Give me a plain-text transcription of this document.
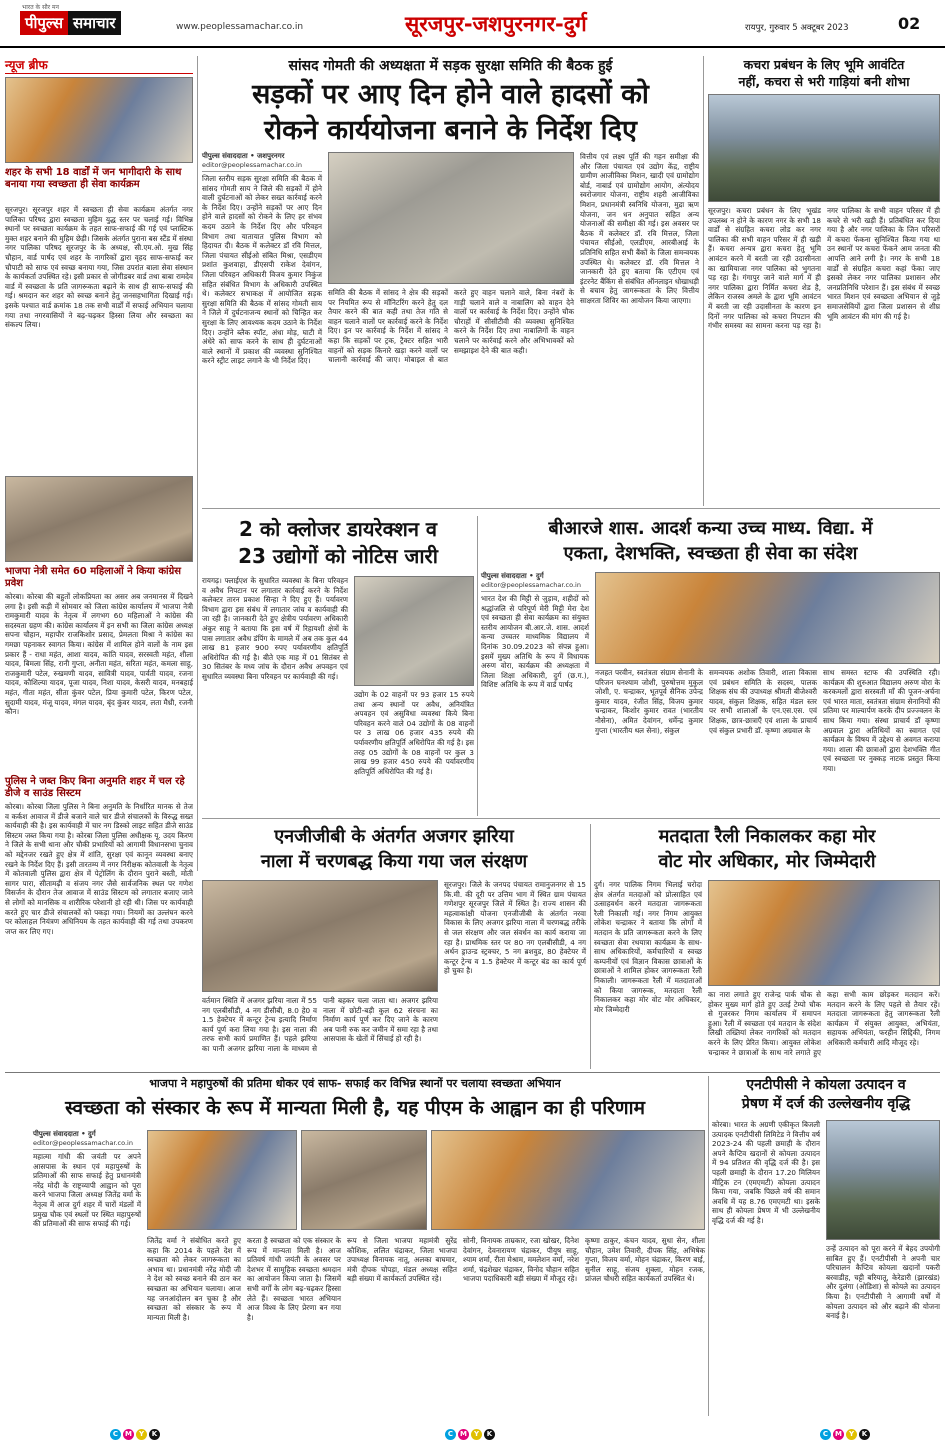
भारत के सौर मन
पीपुल्स समाचार	www.peoplessamachar.co.in	सूरजपुर-जशपुरनगर-दुर्ग	रायपुर, गुरुवार 5 अक्टूबर 2023	02
न्यूज ब्रीफ
शहर के सभी 18 वार्डों में जन भागीदारी के साथ बनाया गया स्वच्छता ही सेवा कार्यक्रम
सूरजपुर। सूरजपुर शहर में स्वच्छता ही सेवा कार्यक्रम अंतर्गत नगर पालिका परिषद द्वारा स्वच्छता मुहिम युद्ध स्तर पर चलाई गई। विभिन्न स्थानों पर स्वच्छता कार्यक्रम के तहत साफ-सफाई की गई एवं प्लास्टिक मुक्त शहर बनाने की मुहिम छेड़ी। जिसके अंतर्गत पुराना बस स्टैंड में संस्था नगर पालिका परिषद सूरजपुर के के अध्यक्ष, सी.एम.ओ. मुख सिंह चौहान, वार्ड पार्षद एवं शहर के नागरिकों द्वारा वृहद साफ-सफाई कर चौपाटी को साफ एवं स्वच्छ बनाया गया, जिस उपरांत बाला सेवा संस्थान के कार्यकर्ता उपस्थित रहे। इसी प्रकार से जोगीडबर वार्ड तथा बाबा रामदेव वार्ड में स्वच्छता के प्रति जागरूकता बढ़ाने के साथ ही साफ-सफाई की गई। श्रमदान कर शहर को स्वच्छ बनाने हेतु जनसहभागिता दिखाई गई। इसके पश्चात वार्ड क्रमांक 18 तक सभी वार्डों में सफाई अभियान चलाया गया तथा नगरवासियों ने बढ़-चढ़कर हिस्सा लिया और स्वच्छता का संकल्प लिया।
भाजपा नेत्री समेत 60 महिलाओं ने किया कांग्रेस प्रवेश
कोरबा। कोरबा की बहुतों लोकप्रियता का असर अब जनमानस में दिखने लगा है। इसी कड़ी में सोमवार को जिला कांग्रेस कार्यालय में भाजपा नेत्री रामकुमारी यादव के नेतृत्व में लगभग 60 महिलाओं ने कांग्रेस की सदस्यता ग्रहण की। कांग्रेस कार्यालय में इन सभी का जिला कांग्रेस अध्यक्ष सपना चौहान, महापौर राजकिशोर प्रसाद, प्रेमलता मिश्रा ने कांग्रेस का गमछा पहनाकर स्वागत किया। कांग्रेस में शामिल होने वालों के नाम इस प्रकार हैं - राधा महंत, आशा यादव, कांति यादव, सरस्वती महंत, शीला यादव, बिमला सिंह, रानी गुप्ता, अनीता महंत, सरिता महंत, कमला साहू, राजकुमारी पटेल, रुखमणी यादव, सावित्री यादव, पार्वती यादव, रजना यादव, कौशिल्या यादव, पूजा यादव, निशा यादव, केसरी यादव, मनबहाई महंत, गीता महंत, सीता कुंवर पटेल, प्रिया कुमारी पटेल, किरण पटेल, सुदामी यादव, मंजू यादव, मंगल यादव, बृंद कुंवर यादव, लता मैथ्री, रजनी कौन।
पुलिस ने जब्त किए बिना अनुमति शहर में चल रहे डीजे व साउंड सिस्टम
कोरबा। कोरबा जिला पुलिस ने बिना अनुमति के निर्धारित मानक से तेज व कर्कश आवाज में डीजे बजाने वाले चार डीजे संचालकों के विरुद्ध सख्त कार्यवाही की है। इस कार्यवाही में चार नग डिस्को लाइट सहित डीजे साउंड सिस्टम जब्त किया गया है। कोरबा जिला पुलिस अधीक्षक यू. उदय किरण ने जिले के सभी थाना और चौकी प्रभारियों को आगामी विधानसभा चुनाव को मद्देनजर रखते हुए क्षेत्र में शांति, सुरक्षा एवं कानून व्यवस्था बनाए रखने के निर्देश दिए हैं। इसी तारतम्य में नगर निरीक्षक कोतवाली के नेतृत्व में कोतवाली पुलिस द्वारा क्षेत्र में पेट्रोलिंग के दौरान पुराने बस्ती, मोती सागर पारा, सीतामढ़ी व संजय नगर जैसे सार्वजनिक स्थल पर गणेश विसर्जन के दौरान तेज आवाज में साउंड सिस्टम को लगातार बजाए जाने से लोगों को मानसिक व शारीरिक परेशानी हो रही थी। जिस पर कार्यवाही करते हुए चार डीजे संचालकों को पकड़ा गया। नियमों का उल्लंघन करने पर कोलाहल नियंत्रण अधिनियम के तहत कार्यवाही की गई तथा उपकरण जप्त कर लिए गए।
सांसद गोमती की अध्यक्षता में सड़क सुरक्षा समिति की बैठक हुई
सड़कों पर आए दिन होने वाले हादसों को
रोकने कार्ययोजना बनाने के निर्देश दिए
पीपुल्स संवाददाता • जशपुरनगर
editor@peoplessamachar.co.in
जिला स्तरीय सड़क सुरक्षा समिति की बैठक में सांसद गोमती साय ने जिले की सड़कों में होने वाली दुर्घटनाओं को लेकर सख्त कार्रवाई करने के निर्देश दिए। उन्होंने सड़कों पर आए दिन होने वाले हादसों को रोकने के लिए हर संभव कदम उठाने के निर्देश दिए और परिवहन विभाग तथा यातायात पुलिस विभाग को हिदायत दी। बैठक में कलेक्टर डॉ रवि मित्तल, जिला पंचायत सीईओ संबित मिश्रा, एसडीएम प्रशांत कुशवाहा, डीएसपी राकेश देवांगन, जिला परिवहन अधिकारी विजय कुमार निकुंज सहित संबंधित विभाग के अधिकारी उपस्थित थे। कलेक्टर सभाकक्ष में आयोजित सड़क सुरक्षा समिति की बैठक में सांसद गोमती साय ने जिले में दुर्घटनाजन्य स्थानों को चिन्हित कर सुरक्षा के लिए आवश्यक कदम उठाने के निर्देश दिए। उन्होंने ब्लैक स्पॉट, अंधा मोड़, घाटी में अंधेरे को साफ करने के साथ ही दुर्घटनाओं वाले स्थानों में प्रकाश की व्यवस्था सुनिश्चित करने स्ट्रीट लाइट लगाने के भी निर्देश दिए।
समिति की बैठक में सांसद ने क्षेत्र की सड़कों पर नियमित रूप से मॉनिटरिंग करने हेतु दल तैयार करने की बात कही तथा तेज गति से वाहन चलाने वालों पर कार्रवाई करने के निर्देश दिए। इन पर कार्रवाई के निर्देश में सांसद ने कहा कि सड़कों पर ट्रक, ट्रैक्टर सहित भारी वाहनों को सड़क किनारे खड़ा करने वालों पर चालानी कार्रवाई की जाए। मोबाइल से बात करते हुए वाहन चलाने वाले, बिना नंबरों के गाड़ी चलाने वाले व नाबालिग को वाहन देने वालों पर कार्रवाई के निर्देश दिए। उन्होंने चौक चौराहों में सीसीटीवी की व्यवस्था सुनिश्चित करने के निर्देश दिए तथा नाबालिगों के वाहन चलाने पर कार्रवाई करने और अभिभावकों को समझाइश देने की बात कही।
वित्तीय एवं लक्ष्य पूर्ति की गहन समीक्षा की और जिला पंचायत एवं उद्योग केंद्र, राष्ट्रीय ग्रामीण आजीविका मिशन, खादी एवं ग्रामोद्योग बोर्ड, नाबार्ड एवं ग्रामोद्योग आयोग, अंत्योदय स्वरोजगार योजना, राष्ट्रीय शहरी आजीविका मिशन, प्रधानमंत्री स्वनिधि योजना, मुद्रा ऋण योजना, जन धन अनुपात सहित अन्य योजनाओं की समीक्षा की गई। इस अवसर पर बैठक में कलेक्टर डॉ. रवि मित्तल, जिला पंचायत सीईओ, एलडीएम, आरबीआई के प्रतिनिधि सहित सभी बैंकों के जिला समन्वयक उपस्थित थे। कलेक्टर डॉ. रवि मित्तल ने जानकारी देते हुए बताया कि एटीएम एवं इंटरनेट बैंकिंग से संबंधित ऑनलाइन धोखाधड़ी से बचाव हेतु जागरूकता के लिए वित्तीय साक्षरता शिविर का आयोजन किया जाएगा।
कचरा प्रबंधन के लिए भूमि आवंटित
नहीं, कचरा से भरी गाड़ियां बनी शोभा
सूरजपुर। कचरा प्रबंधन के लिए भूखंड उपलब्ध न होने के कारण नगर के सभी 18 वार्डों से संग्रहित कचरा लोड कर नगर पालिका की सभी वाहन परिसर में ही खड़ी हैं। कचरा अन्यत्र द्वारा कचरा हेतु भूमि आवंटन करने में बरती जा रही उदासीनता का खामियाजा नगर पालिका को भुगतना पड़ रहा है। गंगापुर जाने वाले मार्ग में ही नगर पालिका द्वारा निर्मित कचरा शेड है, लेकिन राजस्व अमले के द्वारा भूमि आवंटन में बरती जा रही उदासीनता के कारण इन दिनों नगर पालिका को कचरा निपटान की गंभीर समस्या का सामना करना पड़ रहा है। नगर पालिका के सभी वाहन परिसर में ही कचरे से भरी खड़ी हैं। प्रतिबंधित कर दिया गया है और नगर पालिका के जिन परिसरों में कचरा फेंकना सुनिश्चित किया गया था उन स्थानों पर कचरा फेंकने आम जनता की आपत्ति आने लगी है। नगर के सभी 18 वार्डों से संग्रहित कचरा कहां फेंका जाए इसको लेकर नगर पालिका प्रशासन और जनप्रतिनिधि परेशान हैं। इस संबंध में स्वच्छ भारत मिशन एवं स्वच्छता अभियान से जुड़े समाजसेवियों द्वारा जिला प्रशासन से शीघ्र भूमि आवंटन की मांग की गई है।
2 को क्लोजर डायरेक्शन व
23 उद्योगों को नोटिस जारी
रायगढ़। फ्लाईएश के सुधारित व्यवस्था के बिना परिवहन व अवैध निपटान पर लगातार कार्रवाई करने के निर्देश कलेक्टर तारन प्रकाश सिन्हा ने दिए हुए हैं। पर्यावरण विभाग द्वारा इस संबंध में लगातार जांच व कार्यवाही की जा रही है। जानकारी देते हुए क्षेत्रीय पर्यावरण अधिकारी अंकुर साहू ने बताया कि इस वर्ष में रिहायशी क्षेत्रों के पास लगातार अवैध डंपिंग के मामले में अब तक कुल 44 लाख 81 हजार 900 रुपए पर्यावरणीय क्षतिपूर्ति अधिरोपित की गई है। बीते एक माह में 01 सितंबर से 30 सितंबर के मध्य जांच के दौरान अवैध अपवहन एवं सुधारित व्यवस्था बिना परिवहन पर कार्यवाही की गई।
उद्योग के 02 वाहनों पर 93 हजार 15 रुपये तथा अन्य स्थानों पर अवैध, अनियंत्रित अपवहन एवं असुविधा व्यवस्था किये बिना परिवहन करने वाले 04 उद्योगों के 08 वाहनों पर 3 लाख 06 हजार 435 रुपये की पर्यावरणीय क्षतिपूर्ति अधिरोपित की गई है। इस तरह 05 उद्योगों के 08 वाहनों पर कुल 3 लाख 99 हजार 450 रुपये की पर्यावरणीय क्षतिपूर्ति अधिरोपित की गई है।
बीआरजे शास. आदर्श कन्या उच्च माध्य. विद्या. में
एकता, देशभक्ति, स्वच्छता ही सेवा का संदेश
पीपुल्स संवाददाता • दुर्ग
editor@peoplessamachar.co.in
भारत देश की मिट्टी से जुड़ाव, शहीदों को श्रद्धांजलि से परिपूर्ण मेरी मिट्टी मेरा देश एवं स्वच्छता ही सेवा कार्यक्रम का संयुक्त स्तरीय आयोजन बी.आर.जे. शास. आदर्श कन्या उच्चतर माध्यमिक विद्यालय में दिनांक 30.09.2023 को संपन्न हुआ। इसमें मुख्य अतिथि के रूप में विधायक अरुण वोरा, कार्यक्रम की अध्यक्षता में जिला शिक्षा अधिकारी, दुर्ग (छ.ग.), विशिष्ट अतिथि के रूप में वार्ड पार्षद
नजहत परवीन, स्वतंत्रता संग्राम सेनानी के परिजन घनश्याम जोशी, पुरुषोत्तम मुकुल जोशी, ए. चन्द्राकर, भूतपूर्व सैनिक उपेन्द्र कुमार यादव, रंजीत सिंह, विजय कुमार चन्द्राकर, किशोर कुमार रावत (भारतीय नौसेना), अमित देवांगन, धर्मेन्द्र कुमार गुप्ता (भारतीय थल सेना), संकुल
समन्वयक अशोक तिवारी, शाला विकास एवं प्रबंधन समिति के सदस्य, पालक शिक्षक संघ की उपाध्यक्ष श्रीमती बीजेश्वरी यादव, संकुल शिक्षक, सहित मंडल स्तर पर सभी शालाओं के एन.एस.एस. एवं शिक्षक, छात्र-छात्राएँ एवं शाला के प्राचार्य एवं संकुल प्रभारी डॉ. कृष्णा अग्रवाल के
साथ समस्त स्टाफ की उपस्थिति रही। कार्यक्रम की शुरुआत विद्यालय अरुण वोरा के करकमलों द्वारा सरस्वती माँ की पूजन-अर्चना एवं भारत माता, स्वतंत्रता संग्राम सेनानियों की प्रतिमा पर माल्यार्पण करके दीप प्रज्ज्वलन के साथ किया गया। संस्था प्राचार्य डॉ कृष्णा अग्रवाल द्वारा अतिथियों का स्वागत एवं कार्यक्रम के विषय में उद्देश्य से अवगत कराया गया। शाला की छात्राओं द्वारा देशभक्ति गीत एवं स्वच्छता पर नुक्कड़ नाटक प्रस्तुत किया गया।
एनजीजीबी के अंतर्गत अजगर झरिया
नाला में चरणबद्ध किया गया जल संरक्षण
सूरजपुर। जिले के जनपद पंचायत रामानुजनगर से 15 कि.मी. की दूरी पर उत्तिम भाग में स्थित ग्राम पंचायत गणेशपुर सूरजपुर जिले में स्थित है। राज्य शासन की महत्वाकांक्षी योजना एनजीजीबी के अंतर्गत नरवा विकास के लिए अजगर झरिया नाला में चरणबद्ध तरीके से जल संरक्षण और जल संवर्धन का कार्य कराया जा रहा है। प्राथमिक स्तर पर 80 नग एलबीसीडी, 4 नग अर्थन ड्राउन्ड स्ट्रक्चर, 5 नग ब्रशवुड, 80 हेक्टेयर में कन्टूर ट्रेन्च व 1.5 हेक्टेयर में कन्टूर बंड का कार्य पूर्ण हो चुका है।
वर्तमान स्थिति में अजगर झरिया नाला में 55 नग एलबीसीडी, 4 नग डीसीबी, 8.0 हे0 व 1.5 हेक्टेयर में कन्टूर ट्रेन्च इत्यादि निर्माण कार्य पूर्ण करा लिया गया है। इस नाला की तरफ सभी कार्य प्रमाणित हैं। पहले झरिया का पानी अजगर झरिया नाला के माध्यम से पानी बहकर चला जाता था। अजगर झरिया नाला में छोटी-बड़ी कुल 62 संरचना का निर्माण कार्य पूर्ण कर दिए जाने के कारण अब पानी रुक कर जमीन में समा रहा है तथा आसपास के खेतों में सिंचाई हो रही है।
मतदाता रैली निकालकर कहा मोर
वोट मोर अधिकार, मोर जिम्मेदारी
दुर्ग। नगर पालिक निगम भिलाई चरोदा क्षेत्र अंतर्गत मतदाओं को प्रोत्साहित एवं उत्साहवर्धन करने मतदाता जागरूकता रैली निकाली गई। नगर निगम आयुक्त लोकेश चन्द्राकर ने बताया कि लोगों में मतदान के प्रति जागरूकता करने के लिए स्वच्छता सेवा रथयात्रा कार्यक्रम के साथ-साथ अधिकारियों, कर्मचारियों व स्वच्छ कम्पनीयों एवं विज्ञान विकास छात्राओं के छात्राओं ने शामिल होकर जागरूकता रैली निकाली। जागरूकता रैली में मतदाताओं को किया जागरूक, मतदाता रैली निकालकर कहा मोर वोट मोर अधिकार, मोर जिम्मेदारी
का नारा लगाते हुए राजेन्द्र पार्क चौक से होकर मुख्य मार्ग होते हुए उतई टेम्पो चौक से गुजरकर निगम कार्यालय में समापन हुआ। रैली में स्वच्छता एवं मतदान के संदेश लिखी तख्तियां लेकर नागरिकों को मतदान करने के लिए प्रेरित किया। आयुक्त लोकेश चन्द्राकर ने छात्राओं के साथ नारे लगाते हुए कहा सभी काम छोड़कर मतदान करें। मतदान करने के लिए पहले से तैयार रहें। मतदाता जागरूकता हेतु जागरूकता रैली कार्यक्रम में संयुक्त आयुक्त, अभियंता, सहायक अभियंता, फरहीन सिद्दिकी, निगम अधिकारी कर्मचारी आदि मौजूद रहे।
भाजपा ने महापुरुषों की प्रतिमा धोकर एवं साफ- सफाई कर विभिन्न स्थानों पर चलाया स्वच्छता अभियान
स्वच्छता को संस्कार के रूप में मान्यता मिली है, यह पीएम के आह्वान का ही परिणाम
पीपुल्स संवाददाता • दुर्ग
editor@peoplessamachar.co.in
महात्मा गांधी की जयंती पर अपने आसपास के स्थान एवं महापुरुषों के प्रतिमाओं की साफ सफाई हेतु प्रधानमंत्री नरेंद्र मोदी के राष्ट्रव्यापी आह्वान को पूरा करने भाजपा जिला अध्यक्ष जितेंद्र वर्मा के नेतृत्व में आज दुर्ग शहर में चारों मंडलों में प्रमुख चौक एवं स्थलों पर स्थित महापुरुषों की प्रतिमाओं की साफ सफाई की गई।
जितेंद्र वर्मा ने संबोधित करते हुए कहा कि 2014 के पहले देश में स्वच्छता को लेकर जागरूकता का अभाव था। प्रधानमंत्री नरेंद्र मोदी जी ने देश को स्वच्छ बनाने की ठान कर स्वच्छता का अभियान चलाया। आज यह जनआंदोलन बन चुका है और स्वच्छता को संस्कार के रूप में मान्यता मिली है।
करता है स्वच्छता को एक संस्कार के रूप में मान्यता मिली है। आज प्रतिवर्ष गांधी जयंती के अवसर पर देशभर में सामूहिक स्वच्छता श्रमदान का आयोजन किया जाता है। जिसमें सभी वर्गों के लोग बढ़-चढ़कर हिस्सा लेते हैं। स्वच्छता भारत अभियान आज विश्व के लिए प्रेरणा बन गया है।
रूप से जिला भाजपा महामंत्री सुरेंद्र कौशिक, ललित चंद्राकर, जिला भाजपा उपाध्यक्ष विनायक नातू, अलका बाघमार, मंत्री दीपक चोपड़ा, मंडल अध्यक्ष सहित बड़ी संख्या में कार्यकर्ता उपस्थित रहे।
सोनी, विनायक ताम्रकार, रजा खोखर, दिनेश देवांगन, देवनारायण चंद्राकर, पीयूष साहू, श्याम शर्मा, रीता मेश्राम, ममलेशन वर्मा, नरेश शर्मा, चंद्रशेखर चंद्राकर, विनोद चौहान सहित भाजपा पदाधिकारी बड़ी संख्या में मौजूद रहे।
कृष्णा ठाकुर, कंचन यादव, सुधा सेन, शीला चौहान, उमेश तिवारी, दीपक सिंह, अभिषेक गुप्ता, विजय वर्मा, मोहन चंद्राकर, किरण बाई, सुनील साहू, संजय शुक्ला, मोहन रजक, प्रांजल चौधरी सहित कार्यकर्ता उपस्थित थे।
एनटीपीसी ने कोयला उत्पादन व
प्रेषण में दर्ज की उल्लेखनीय वृद्धि
कोरबा। भारत के अग्रणी एकीकृत बिजली उत्पादक एनटीपीसी लिमिटेड ने वित्तीय वर्ष 2023-24 की पहली छमाही के दौरान अपने कैप्टिव खदानों से कोयला उत्पादन में 94 प्रतिशत की वृद्धि दर्ज की है। इस पहली छमाही के दौरान 17.20 मिलियन मीट्रिक टन (एमएमटी) कोयला उत्पादन किया गया, जबकि पिछले वर्ष की समान अवधि में यह 8.76 एमएमटी था। इसके साथ ही कोयला प्रेषण में भी उल्लेखनीय वृद्धि दर्ज की गई है।
उन्हें उत्पादन को पूरा करने में बेहद उपयोगी साबित हुए हैं। एनटीपीसी ने अपनी चार परिचालन कैप्टिव कोयला खदानों पकरी बरवाडीह, चट्टी बरियातू, केरेडारी (झारखंड) और दुलंगा (ओडिशा) से कोयले का उत्पादन किया है। एनटीपीसी ने आगामी वर्षों में कोयला उत्पादन को और बढ़ाने की योजना बनाई है।
C M Y	K	C M Y	K	C M Y	K
